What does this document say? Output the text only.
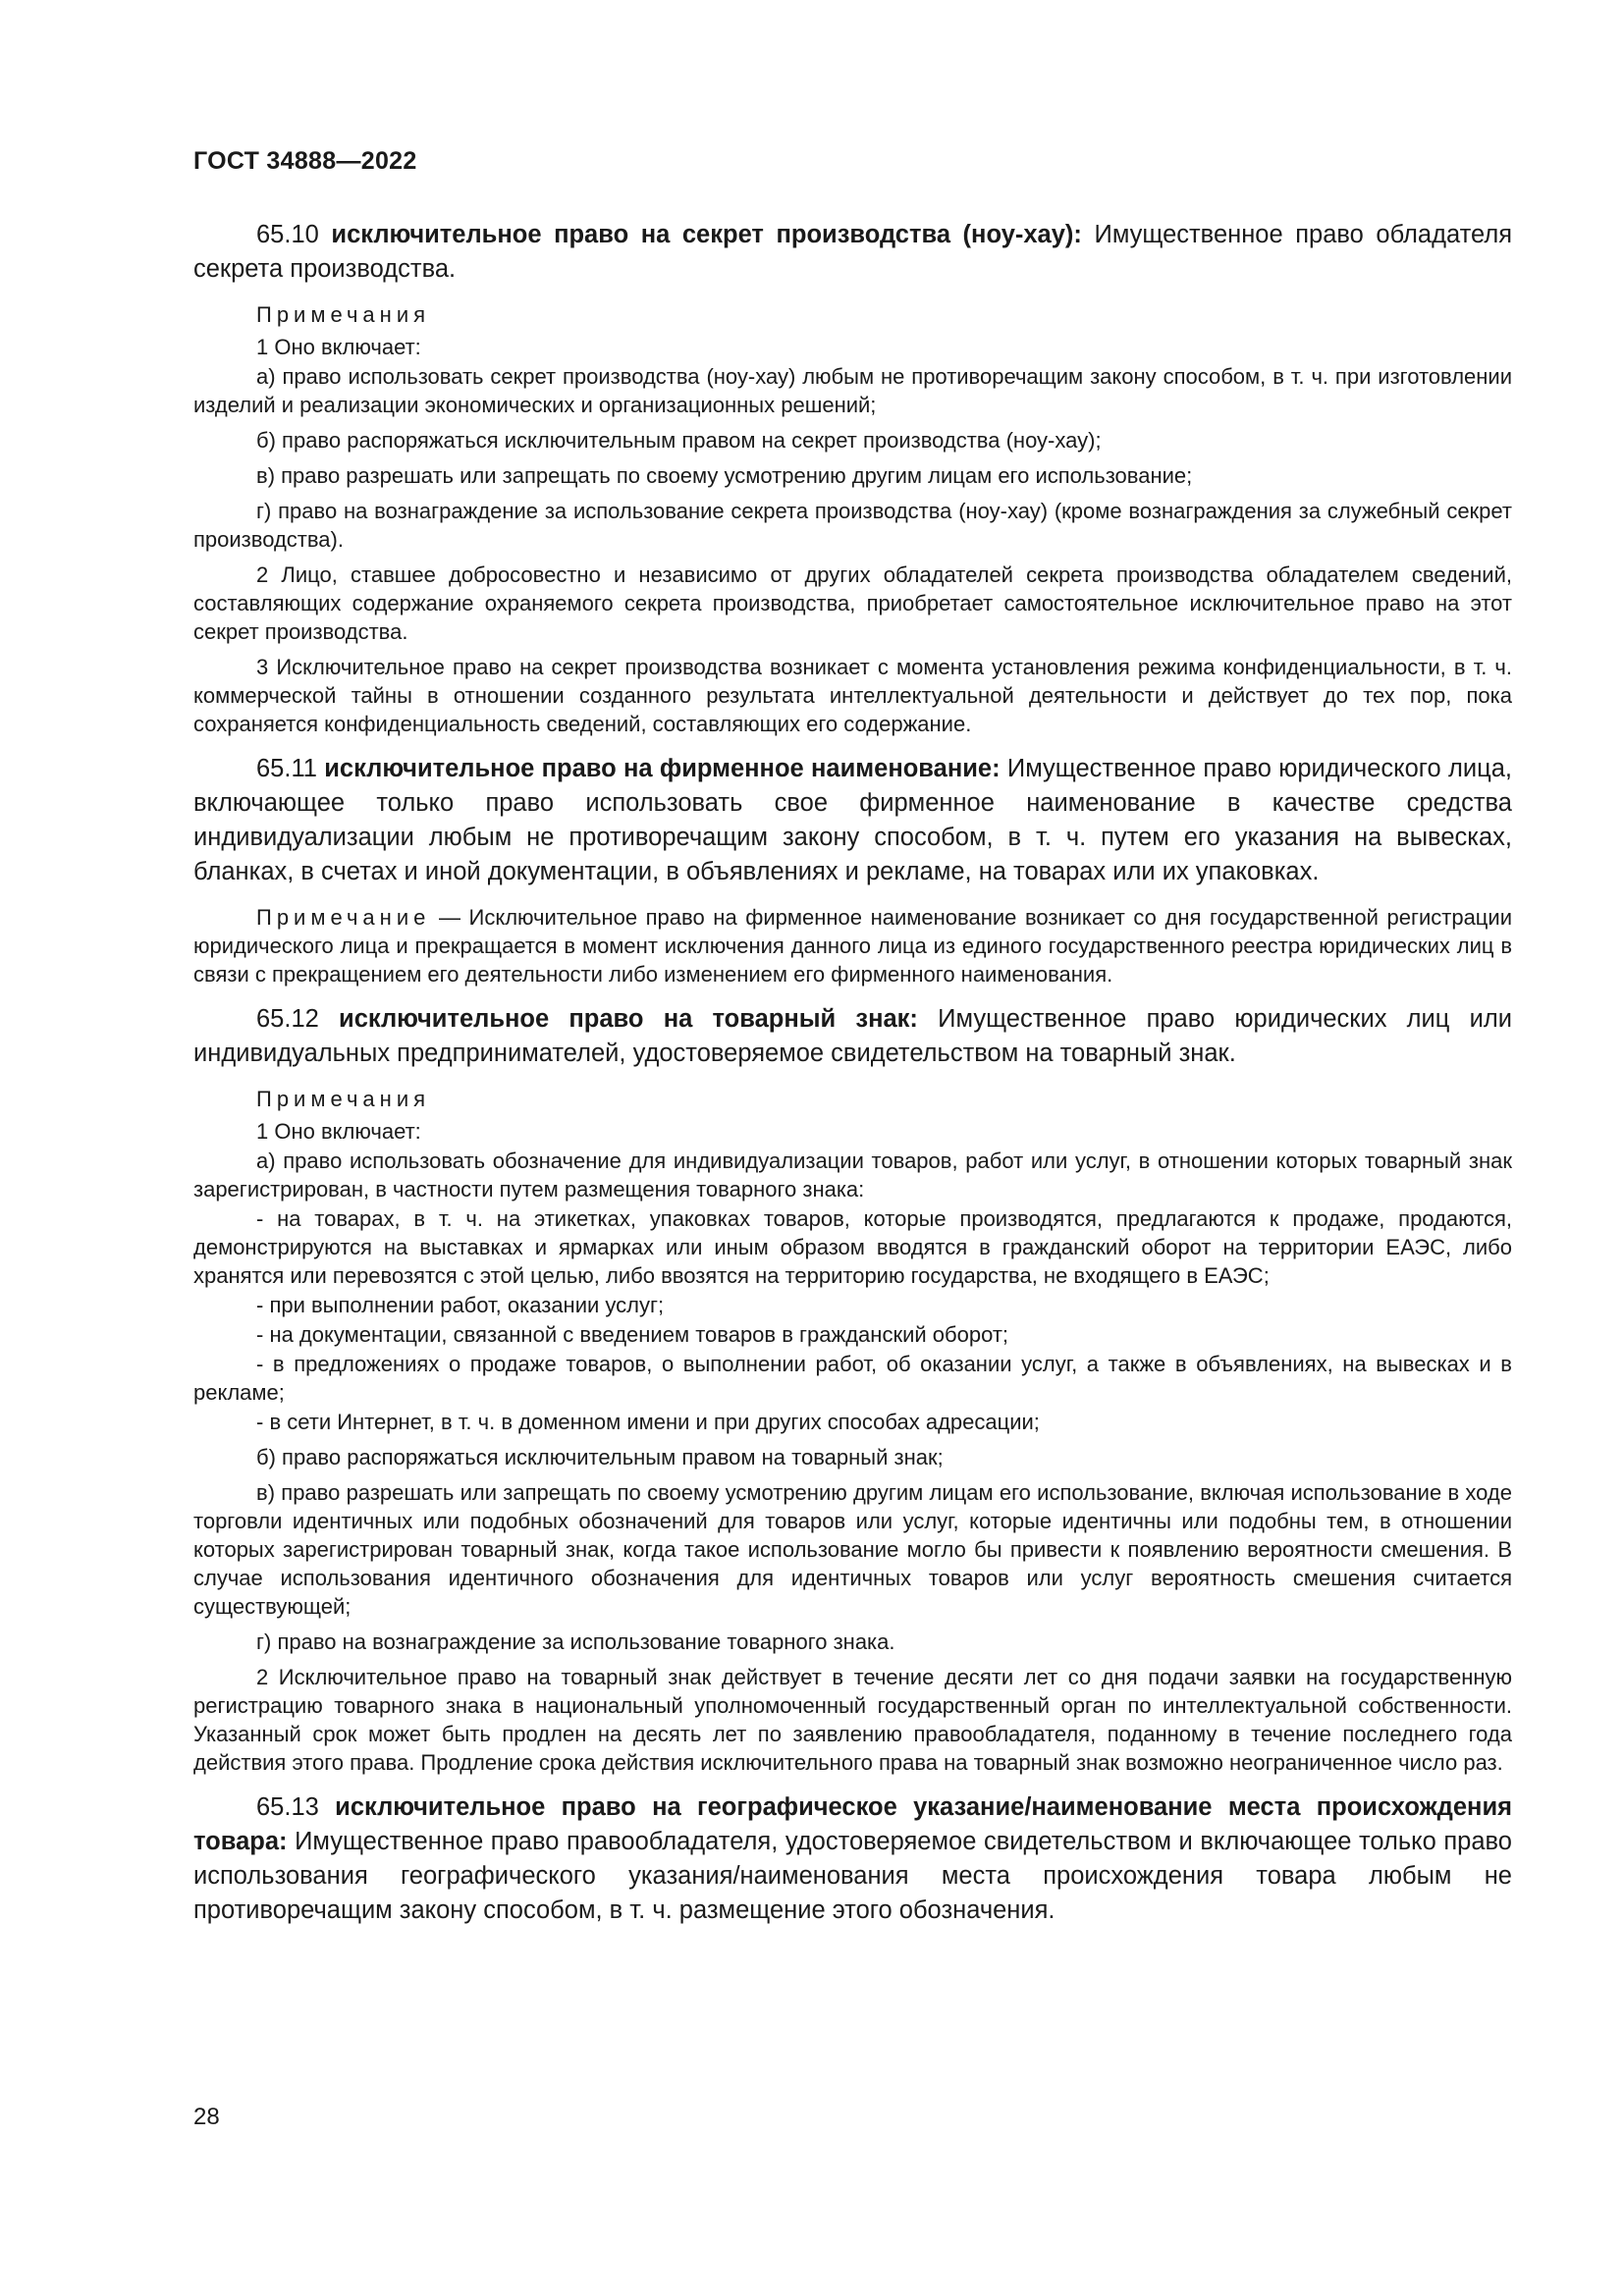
ГОСТ 34888—2022

65.10 исключительное право на секрет производства (ноу-хау): Имущественное право обладателя секрета производства.

Примечания

1 Оно включает:

а) право использовать секрет производства (ноу-хау) любым не противоречащим закону способом, в т. ч. при изготовлении изделий и реализации экономических и организационных решений;

б) право распоряжаться исключительным правом на секрет производства (ноу-хау);

в) право разрешать или запрещать по своему усмотрению другим лицам его использование;

г) право на вознаграждение за использование секрета производства (ноу-хау) (кроме вознаграждения за служебный секрет производства).

2 Лицо, ставшее добросовестно и независимо от других обладателей секрета производства обладателем сведений, составляющих содержание охраняемого секрета производства, приобретает самостоятельное исключительное право на этот секрет производства.

3 Исключительное право на секрет производства возникает с момента установления режима конфиденциальности, в т. ч. коммерческой тайны в отношении созданного результата интеллектуальной деятельности и действует до тех пор, пока сохраняется конфиденциальность сведений, составляющих его содержание.

65.11 исключительное право на фирменное наименование: Имущественное право юридического лица, включающее только право использовать свое фирменное наименование в качестве средства индивидуализации любым не противоречащим закону способом, в т. ч. путем его указания на вывесках, бланках, в счетах и иной документации, в объявлениях и рекламе, на товарах или их упаковках.

Примечание — Исключительное право на фирменное наименование возникает со дня государственной регистрации юридического лица и прекращается в момент исключения данного лица из единого государственного реестра юридических лиц в связи с прекращением его деятельности либо изменением его фирменного наименования.

65.12 исключительное право на товарный знак: Имущественное право юридических лиц или индивидуальных предпринимателей, удостоверяемое свидетельством на товарный знак.

Примечания

1 Оно включает:

а) право использовать обозначение для индивидуализации товаров, работ или услуг, в отношении которых товарный знак зарегистрирован, в частности путем размещения товарного знака:

- на товарах, в т. ч. на этикетках, упаковках товаров, которые производятся, предлагаются к продаже, продаются, демонстрируются на выставках и ярмарках или иным образом вводятся в гражданский оборот на территории ЕАЭС, либо хранятся или перевозятся с этой целью, либо ввозятся на территорию государства, не входящего в ЕАЭС;

- при выполнении работ, оказании услуг;

- на документации, связанной с введением товаров в гражданский оборот;

- в предложениях о продаже товаров, о выполнении работ, об оказании услуг, а также в объявлениях, на вывесках и в рекламе;

- в сети Интернет, в т. ч. в доменном имени и при других способах адресации;

б) право распоряжаться исключительным правом на товарный знак;

в) право разрешать или запрещать по своему усмотрению другим лицам его использование, включая использование в ходе торговли идентичных или подобных обозначений для товаров или услуг, которые идентичны или подобны тем, в отношении которых зарегистрирован товарный знак, когда такое использование могло бы привести к появлению вероятности смешения. В случае использования идентичного обозначения для идентичных товаров или услуг вероятность смешения считается существующей;

г) право на вознаграждение за использование товарного знака.

2 Исключительное право на товарный знак действует в течение десяти лет со дня подачи заявки на государственную регистрацию товарного знака в национальный уполномоченный государственный орган по интеллектуальной собственности. Указанный срок может быть продлен на десять лет по заявлению правообладателя, поданному в течение последнего года действия этого права. Продление срока действия исключительного права на товарный знак возможно неограниченное число раз.

65.13 исключительное право на географическое указание/наименование места происхождения товара: Имущественное право правообладателя, удостоверяемое свидетельством и включающее только право использования географического указания/наименования места происхождения товара любым не противоречащим закону способом, в т. ч. размещение этого обозначения.

28
